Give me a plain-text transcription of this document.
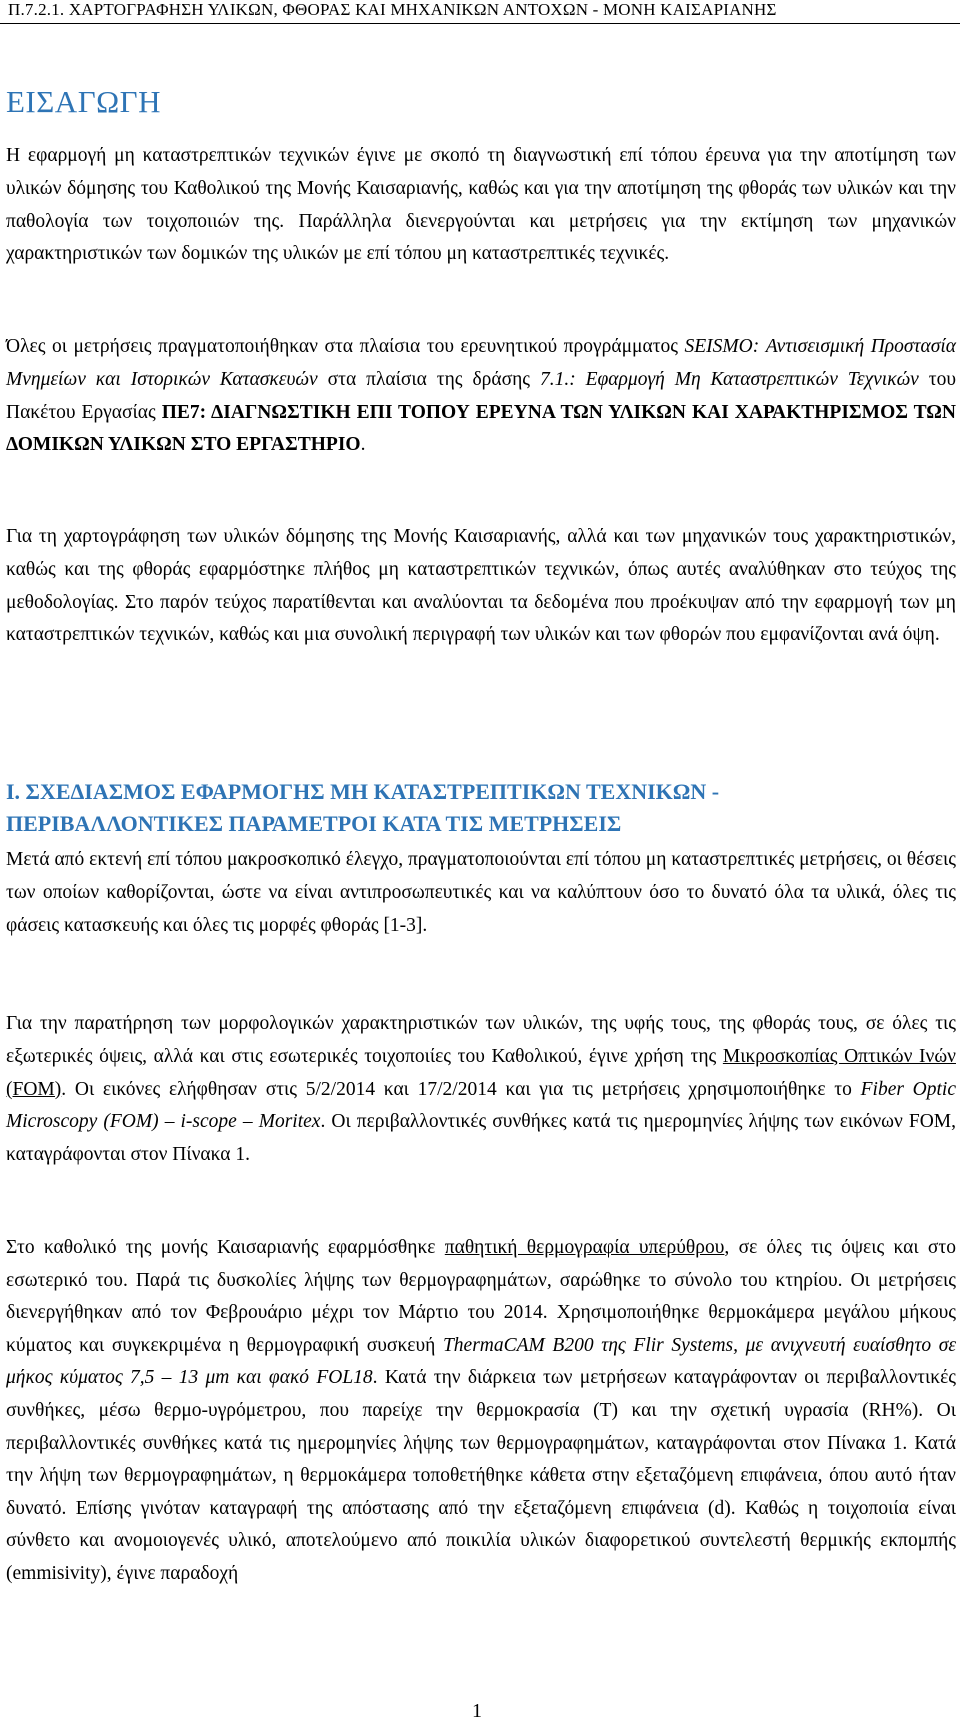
Π.7.2.1. ΧΑΡΤΟΓΡΑΦΗΣΗ ΥΛΙΚΩΝ, ΦΘΟΡΑΣ ΚΑΙ ΜΗΧΑΝΙΚΩΝ ΑΝΤΟΧΩΝ - ΜΟΝΗ ΚΑΙΣΑΡΙΑΝΗΣ
ΕΙΣΑΓΩΓΗ

Η εφαρμογή μη καταστρεπτικών τεχνικών έγινε με σκοπό τη διαγνωστική επί τόπου έρευνα για την αποτίμηση των υλικών δόμησης του Καθολικού της Μονής Καισαριανής, καθώς και για την αποτίμηση της φθοράς των υλικών και την παθολογία των τοιχοποιιών της. Παράλληλα διενεργούνται και μετρήσεις για την εκτίμηση των μηχανικών χαρακτηριστικών των δομικών της υλικών με επί τόπου μη καταστρεπτικές τεχνικές.

Όλες οι μετρήσεις πραγματοποιήθηκαν στα πλαίσια του ερευνητικού προγράμματος SEISMO: Αντισεισμική Προστασία Μνημείων και Ιστορικών Κατασκευών στα πλαίσια της δράσης 7.1.: Εφαρμογή Μη Καταστρεπτικών Τεχνικών του Πακέτου Εργασίας ΠΕ7: ΔΙΑΓΝΩΣΤΙΚΗ ΕΠΙ ΤΟΠΟΥ ΕΡΕΥΝΑ ΤΩΝ ΥΛΙΚΩΝ ΚΑΙ ΧΑΡΑΚΤΗΡΙΣΜΟΣ ΤΩΝ ΔΟΜΙΚΩΝ ΥΛΙΚΩΝ ΣΤΟ ΕΡΓΑΣΤΗΡΙΟ.

Για τη χαρτογράφηση των υλικών δόμησης της Μονής Καισαριανής, αλλά και των μηχανικών τους χαρακτηριστικών, καθώς και της φθοράς εφαρμόστηκε πλήθος μη καταστρεπτικών τεχνικών, όπως αυτές αναλύθηκαν στο τεύχος της μεθοδολογίας. Στο παρόν τεύχος παρατίθενται και αναλύονται τα δεδομένα που προέκυψαν από την εφαρμογή των μη καταστρεπτικών τεχνικών, καθώς και μια συνολική περιγραφή των υλικών και των φθορών που εμφανίζονται ανά όψη.

Ι. ΣΧΕΔΙΑΣΜΟΣ ΕΦΑΡΜΟΓΗΣ ΜΗ ΚΑΤΑΣΤΡΕΠΤΙΚΩΝ ΤΕΧΝΙΚΩΝ -
ΠΕΡΙΒΑΛΛΟΝΤΙΚΕΣ ΠΑΡΑΜΕΤΡΟΙ ΚΑΤΑ ΤΙΣ ΜΕΤΡΗΣΕΙΣ

Μετά από εκτενή επί τόπου μακροσκοπικό έλεγχο, πραγματοποιούνται επί τόπου μη καταστρεπτικές μετρήσεις, οι θέσεις των οποίων καθορίζονται, ώστε να είναι αντιπροσωπευτικές και να καλύπτουν όσο το δυνατό όλα τα υλικά, όλες τις φάσεις κατασκευής και όλες τις μορφές φθοράς [1-3].

Για την παρατήρηση των μορφολογικών χαρακτηριστικών των υλικών, της υφής τους, της φθοράς τους, σε όλες τις εξωτερικές όψεις, αλλά και στις εσωτερικές τοιχοποιίες του Καθολικού, έγινε χρήση της Μικροσκοπίας Οπτικών Ινών (FOM). Οι εικόνες ελήφθησαν στις 5/2/2014 και 17/2/2014 και για τις μετρήσεις χρησιμοποιήθηκε το Fiber Optic Microscopy (FOM) – i-scope – Moritex. Οι περιβαλλοντικές συνθήκες κατά τις ημερομηνίες λήψης των εικόνων FOM, καταγράφονται στον Πίνακα 1.

Στο καθολικό της μονής Καισαριανής εφαρμόσθηκε παθητική θερμογραφία υπερύθρου, σε όλες τις όψεις και στο εσωτερικό του. Παρά τις δυσκολίες λήψης των θερμογραφημάτων, σαρώθηκε το σύνολο του κτηρίου. Οι μετρήσεις διενεργήθηκαν από τον Φεβρουάριο μέχρι τον Μάρτιο του 2014. Χρησιμοποιήθηκε θερμοκάμερα μεγάλου μήκους κύματος και συγκεκριμένα η θερμογραφική συσκευή ThermaCAM B200 της Flir Systems, με ανιχνευτή ευαίσθητο σε μήκος κύματος 7,5 – 13 μm και φακό FOL18. Κατά την διάρκεια των μετρήσεων καταγράφονταν οι περιβαλλοντικές συνθήκες, μέσω θερμο-υγρόμετρου, που παρείχε την θερμοκρασία (T) και την σχετική υγρασία (RH%). Οι περιβαλλοντικές συνθήκες κατά τις ημερομηνίες λήψης των θερμογραφημάτων, καταγράφονται στον Πίνακα 1. Κατά την λήψη των θερμογραφημάτων, η θερμοκάμερα τοποθετήθηκε κάθετα στην εξεταζόμενη επιφάνεια, όπου αυτό ήταν δυνατό. Επίσης γινόταν καταγραφή της απόστασης από την εξεταζόμενη επιφάνεια (d). Καθώς η τοιχοποιία είναι σύνθετο και ανομοιογενές υλικό, αποτελούμενο από ποικιλία υλικών διαφορετικού συντελεστή θερμικής εκπομπής (emmisivity), έγινε παραδοχή

1
